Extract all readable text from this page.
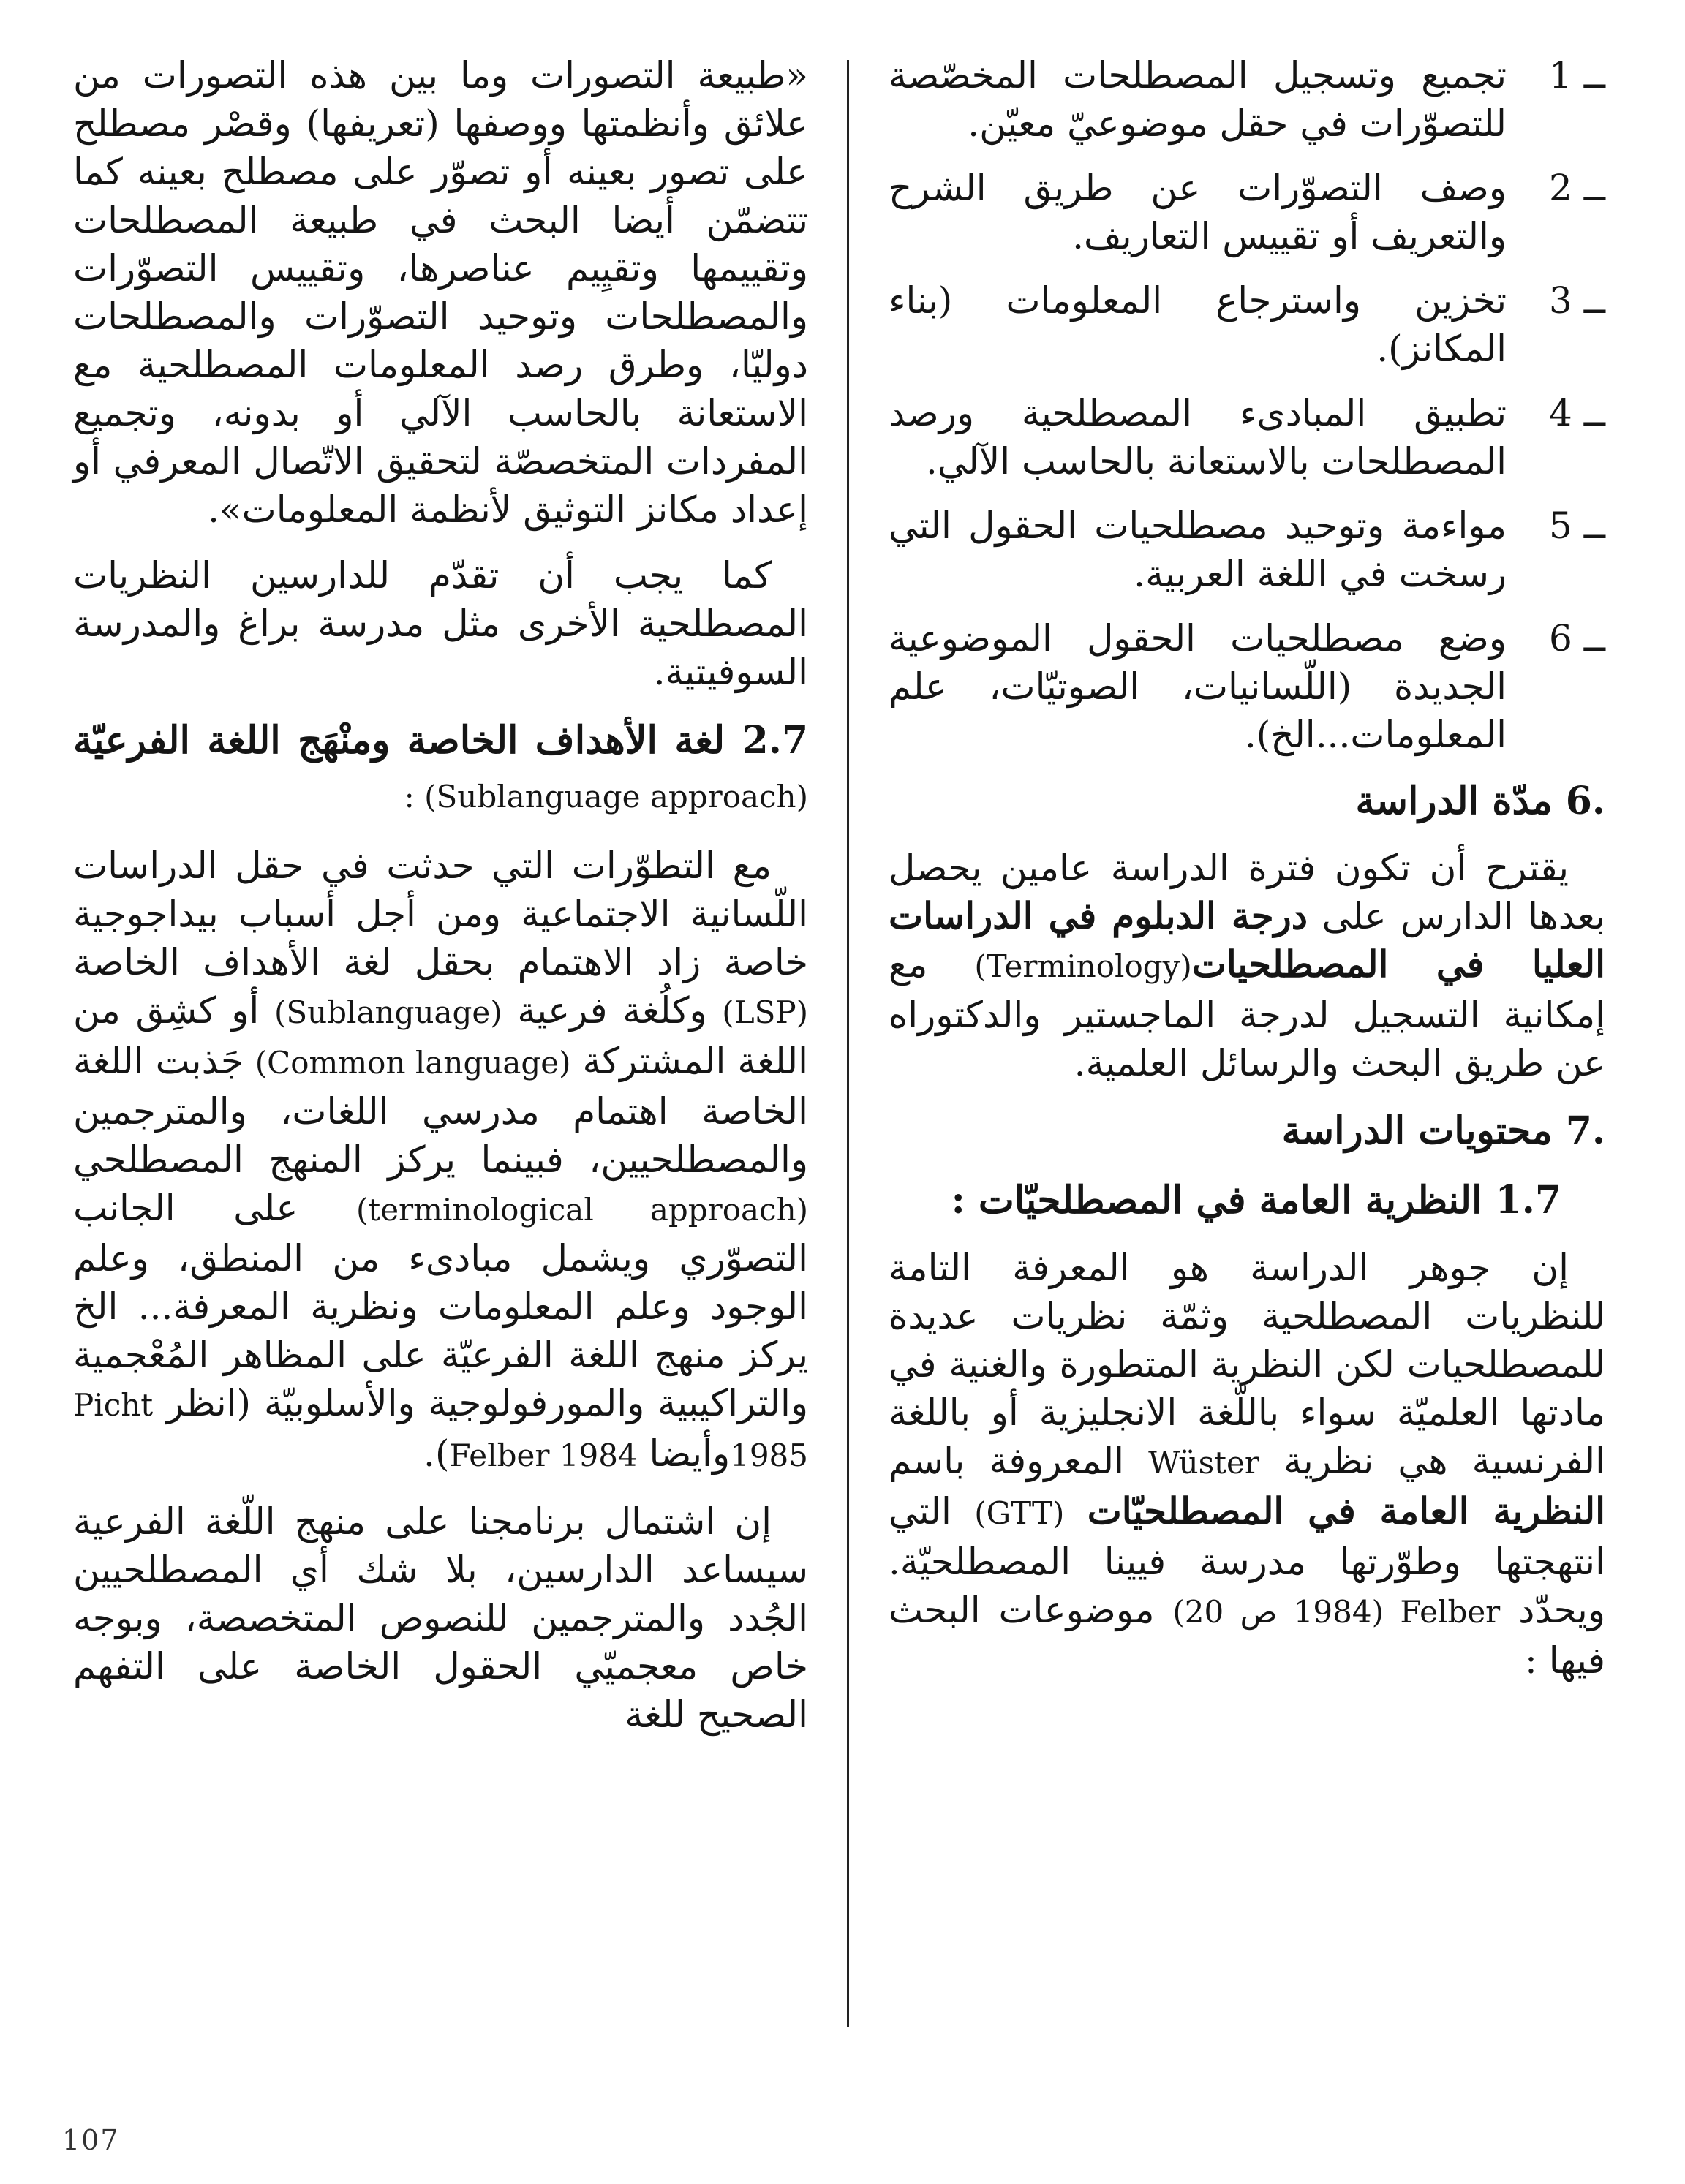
1 ــ
تجميع وتسجيل المصطلحات المخصّصة للتصوّرات في حقل موضوعيّ معيّن.
2 ــ
وصف التصوّرات عن طريق الشرح والتعريف أو تقييس التعاريف.
3 ــ
تخزين واسترجاع المعلومات (بناء المكانز).
4 ــ
تطبيق المبادىء المصطلحية ورصد المصطلحات بالاستعانة بالحاسب الآلي.
5 ــ
مواءمة وتوحيد مصطلحيات الحقول التي رسخت في اللغة العربية.
6 ــ
وضع مصطلحيات الحقول الموضوعية الجديدة (اللّسانيات، الصوتيّات، علم المعلومات...الخ).
6. مدّة الدراسة

يقترح أن تكون فترة الدراسة عامين يحصل بعدها الدارس على درجة الدبلوم في الدراسات العليا في المصطلحيات(Terminology) مع إمكانية التسجيل لدرجة الماجستير والدكتوراه عن طريق البحث والرسائل العلمية.

7. محتويات الدراسة
1.7 النظرية العامة في المصطلحيّات :

إن جوهر الدراسة هو المعرفة التامة للنظريات المصطلحية وثمّة نظريات عديدة للمصطلحيات لكن النظرية المتطورة والغنية في مادتها العلميّة سواء باللّغة الانجليزية أو باللغة الفرنسية هي نظرية Wüster المعروفة باسم النظرية العامة في المصطلحيّات (GTT) التي انتهجتها وطوّرتها مدرسة فيينا المصطلحيّة. ويحدّد Felber (1984 ص 20) موضوعات البحث فيها :

«طبيعة التصورات وما بين هذه التصورات من علائق وأنظمتها ووصفها (تعريفها) وقصْر مصطلح على تصور بعينه أو تصوّر على مصطلح بعينه كما تتضمّن أيضا البحث في طبيعة المصطلحات وتقييمها وتقيِيم عناصرها، وتقييس التصوّرات والمصطلحات وتوحيد التصوّرات والمصطلحات دوليّا، وطرق رصد المعلومات المصطلحية مع الاستعانة بالحاسب الآلي أو بدونه، وتجميع المفردات المتخصصّة لتحقيق الاتّصال المعرفي أو إعداد مكانز التوثيق لأنظمة المعلومات».

كما يجب أن تقدّم للدارسين النظريات المصطلحية الأخرى مثل مدرسة براغ والمدرسة السوفيتية.

2.7 لغة الأهداف الخاصة ومنْهَج اللغة الفرعيّة (Sublanguage approach) :

مع التطوّرات التي حدثت في حقل الدراسات اللّسانية الاجتماعية ومن أجل أسباب بيداجوجية خاصة زاد الاهتمام بحقل لغة الأهداف الخاصة (LSP) وكلُغة فرعية (Sublanguage) أو كشِق من اللغة المشتركة (Common language) جَذبت اللغة الخاصة اهتمام مدرسي اللغات، والمترجمين والمصطلحيين، فبينما يركز المنهج المصطلحي (terminological approach) على الجانب التصوّري ويشمل مبادىء من المنطق، وعلم الوجود وعلم المعلومات ونظرية المعرفة... الخ يركز منهج اللغة الفرعيّة على المظاهر المُعْجمية والتراكيبية والمورفولوجية والأسلوبيّة (انظر Picht 1985وأيضا Felber 1984).

إن اشتمال برنامجنا على منهج اللّغة الفرعية سيساعد الدارسين، بلا شك أي المصطلحيين الجُدد والمترجمين للنصوص المتخصصة، وبوجه خاص معجميّي الحقول الخاصة على التفهم الصحيح للغة

107
